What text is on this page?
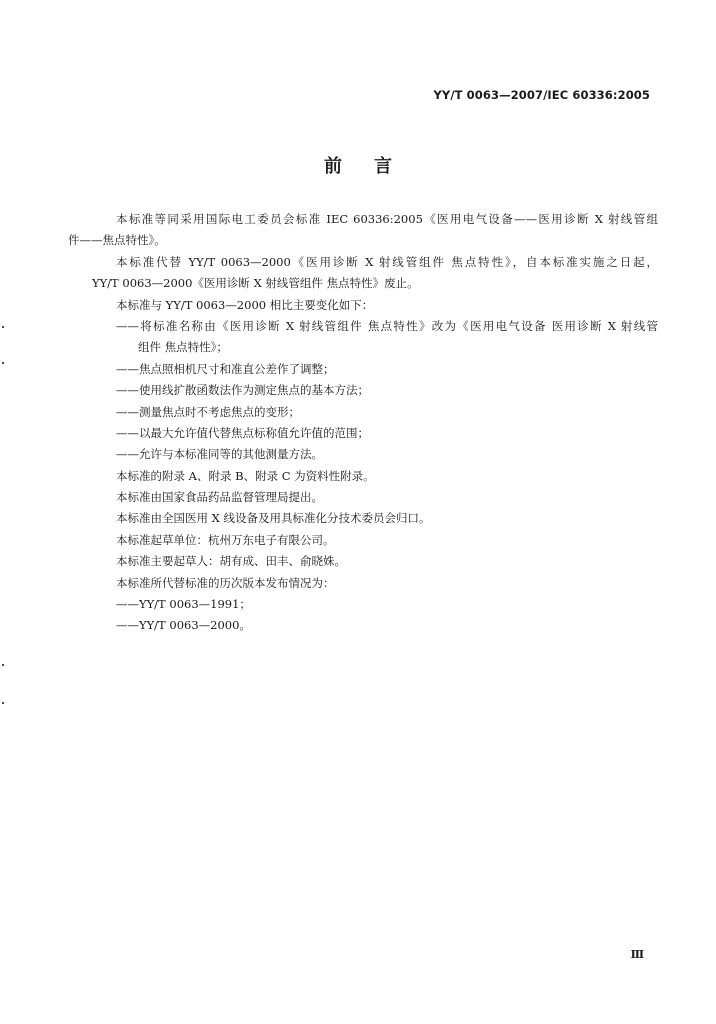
YY/T 0063—2007/IEC 60336:2005
前言
本标准等同采用国际电工委员会标准 IEC 60336:2005《医用电气设备——医用诊断 X 射线管组
件——焦点特性》。
本标准代替 YY/T 0063—2000《医用诊断 X 射线管组件 焦点特性》，自本标准实施之日起，
YY/T 0063—2000《医用诊断 X 射线管组件 焦点特性》废止。
本标准与 YY/T 0063—2000 相比主要变化如下：
——将标准名称由《医用诊断 X 射线管组件 焦点特性》改为《医用电气设备 医用诊断 X 射线管
组件 焦点特性》；
——焦点照相机尺寸和准直公差作了调整；
——使用线扩散函数法作为测定焦点的基本方法；
——测量焦点时不考虑焦点的变形；
——以最大允许值代替焦点标称值允许值的范围；
——允许与本标准同等的其他测量方法。
本标准的附录 A、附录 B、附录 C 为资料性附录。
本标准由国家食品药品监督管理局提出。
本标准由全国医用 X 线设备及用具标准化分技术委员会归口。
本标准起草单位：杭州万东电子有限公司。
本标准主要起草人：胡有成、田丰、俞晓姝。
本标准所代替标准的历次版本发布情况为：
——YY/T 0063—1991；
——YY/T 0063—2000。
Ⅲ
